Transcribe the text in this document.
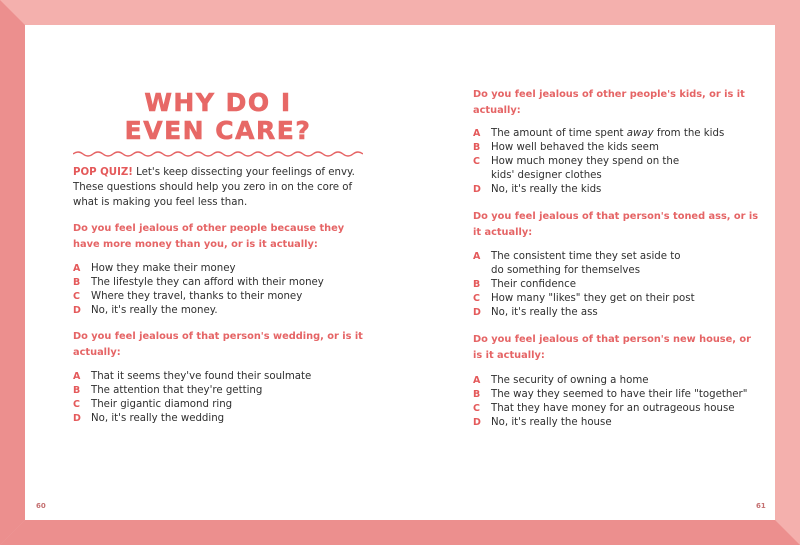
WHY DO I
EVEN CARE?
POP QUIZ! Let's keep dissecting your feelings of envy. These questions should help you zero in on the core of what is making you feel less than.
Do you feel jealous of other people because they have more money than you, or is it actually:
A	How they make their money
B	The lifestyle they can afford with their money
C	Where they travel, thanks to their money
D No, it's really the money.
Do you feel jealous of that person's wedding, or is it actually:
A	That it seems they've found their soulmate
B	The attention that they're getting
C	Their gigantic diamond ring
D No, it's really the wedding
Do you feel jealous of other people's kids, or is it actually:
A	The amount of time spent away from the kids
B	How well behaved the kids seem
C	How much money they spend on the kids' designer clothes
D No, it's really the kids
Do you feel jealous of that person's toned ass, or is it actually:
A	The consistent time they set aside to do something for themselves
B	Their confidence
C	How many "likes" they get on their post
D No, it's really the ass
Do you feel jealous of that person's new house, or is it actually:
A	The security of owning a home
B	The way they seemed to have their life "together"
C	That they have money for an outrageous house
D No, it's really the house
60	61
